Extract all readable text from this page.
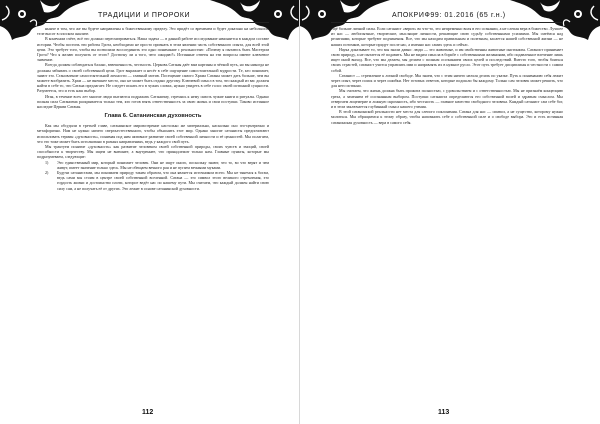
ТРАДИЦИИ И ПРОРОКИ

нынче в том, что же вы будете направлены к божественному пределу. Это придёт со временем и будет доказано на небольшом теле высот в плоском анализе.

В конечном счёте, всё это должно пересматриваться. Наша задача — в данной работе исследование начинается в каждом составе истории. Чтобы постичь эти работы Грота, необходимо не просто признать в этом явлении часть собственного опыта, для всей этой цепи. Это требует того, чтобы вы позволили воссоединить это одно понимание с реальностью: «Почему я пытаюсь быть Мастером Грота? Что я желаю получить от этого? Достигну ли я того, чего ожидаю?» Истинные ответы на эти вопросы имеют ключевое значение.

Всегда должен соблюдаться баланс, взвешенность, честность. Церковь Сатаны даёт вам картины и чёткий путь, но вы никогда не должны забывать о своей собственной цели. Грот выражает и несёт в себе ощущение самостоятельной мудрости. Те, кто понимает, знают это. Становление самостоятельной личности — главный мотив. Посещение самого Храма Сатаны может дать больше, чем вы можете вообразить. Храм — не внешнее место, оно не может быть отдано другому. Ключевой смысл в том, что каждый из вас должен найти в себе то, что Сатана предлагает. Не следует искать его в чужих словах, нужно увидеть в себе голос своей истинной сущности. Разумеется, это и есть наш выбор.

Итак, в течение всех лет многие люди пытаются подражать Сатанизму, стремясь к нему сквозь чужие книги и ритуалы. Однако полная сила Сатанизма раскрывается только тем, кто готов взять ответственность за свою жизнь и свои поступки. Таково истинное наследие Церкви Сатаны.

Глава 6. Сатанинская духовность

Как мы обсудили в третьей главе, сатанинское мировоззрение настолько же материально, насколько оно эго-центрично и метафорично. Нам не нужно ничего сверхъестественного, чтобы объяснить этот мир. Однако многие сатанисты предпочитают использовать термин «духовность», понимая под ним активное развитие своей собственной личности и её ценностей. Мы полагаем, что это тоже может быть истолковано в разных направлениях, ведь у каждого свой путь.

Мы трактуем понятие «духовность» как развитие человеком своей собственной природы, своих чувств и эмоций, своей способности к творчеству. Мы ищем не внешнее, а внутреннее, что принадлежит только нам. Главные пункты, которые мы подразумеваем, следующие:

1) Это единственный мир, который понимает человек. Они не ищут иного, поскольку знают, что то, во что верят и чем живут, имеет значение только здесь. Мы не обещаем вечного рая и не пугаем вечными муками.
2) Будучи сатанистами, мы понимаем природу таким образом, что она является источником всего. Мы не тянемся к богам, ведь сами мы стоим в центре своей собственной вселенной. Сатана — это символ этого великого стремления, это гордость жизни и достоинство плоти, которое ведёт нас по нашему пути. Мы считаем, что каждый должен найти свою силу сам, а не получать её от других. Это лежит в основе сатанинской духовности.
112
АПОКРИФ99: 01.2016 (65 г.н.)

ещё больше личной силы. Если сатанист «верит» во что-то, это непременно воля в его сознании, а не слепая вера в божество. Лучшее из нас — любопытные, творческие, мыслящие личности, решающие свою судьбу собственными усилиями. Мы смеёмся над религиями, которые требуют подчинения. Все, что мы находим правильным и полезным, касается нашей собственной жизни — не наших потомков, которые придут после нас, а именно нас самих здесь и сейчас.

Наука доказывает то, что мы знали давно: люди — это животные, и им свойственны животные инстинкты. Сатанист принимает свою природу, а не пытается её подавить. Мы не видим смысла в борьбе с собственными желаниями, ибо подавленное влечение лишь ищет иной выход. Все, что мы делаем, мы делаем с полным осознанием своих целей и последствий. Вместо того, чтобы бояться своих страстей, сатанист учится управлять ими и направлять их в нужное русло. Этот путь требует дисциплины и честности с самим собой.

Сатанист — стремление к личной свободе. Мы знаем, что с этим ничего нельзя делать по указке. Путь к пониманию себя лежит через опыт, через поиск и через ошибки. Нет готовых ответов, которые подошли бы каждому. Только сам человек может решить, что для него истинно.

Мы считаем, что жизнь должна быть прожита полностью, с удовольствием и с ответственностью. Мы не признаём концепцию греха, а заменяем её осознанным выбором. Поступки сатаниста определяются его собственной волей и здравым смыслом. Мы отвергаем лицемерие и ложную скромность, ибо честность — главное качество свободного человека. Каждый сатанист сам себе бог, и в этом заключается глубинный смысл нашего учения.

В этой сатанинской реальности нет места для слепого поклонения. Сатана для нас — символ, а не существо, которому нужно молиться. Мы обращаемся к этому образу, чтобы напомнить себе о собственной силе и о свободе выбора. Это и есть истинная сатанинская духовность — вера в самого себя.

113
